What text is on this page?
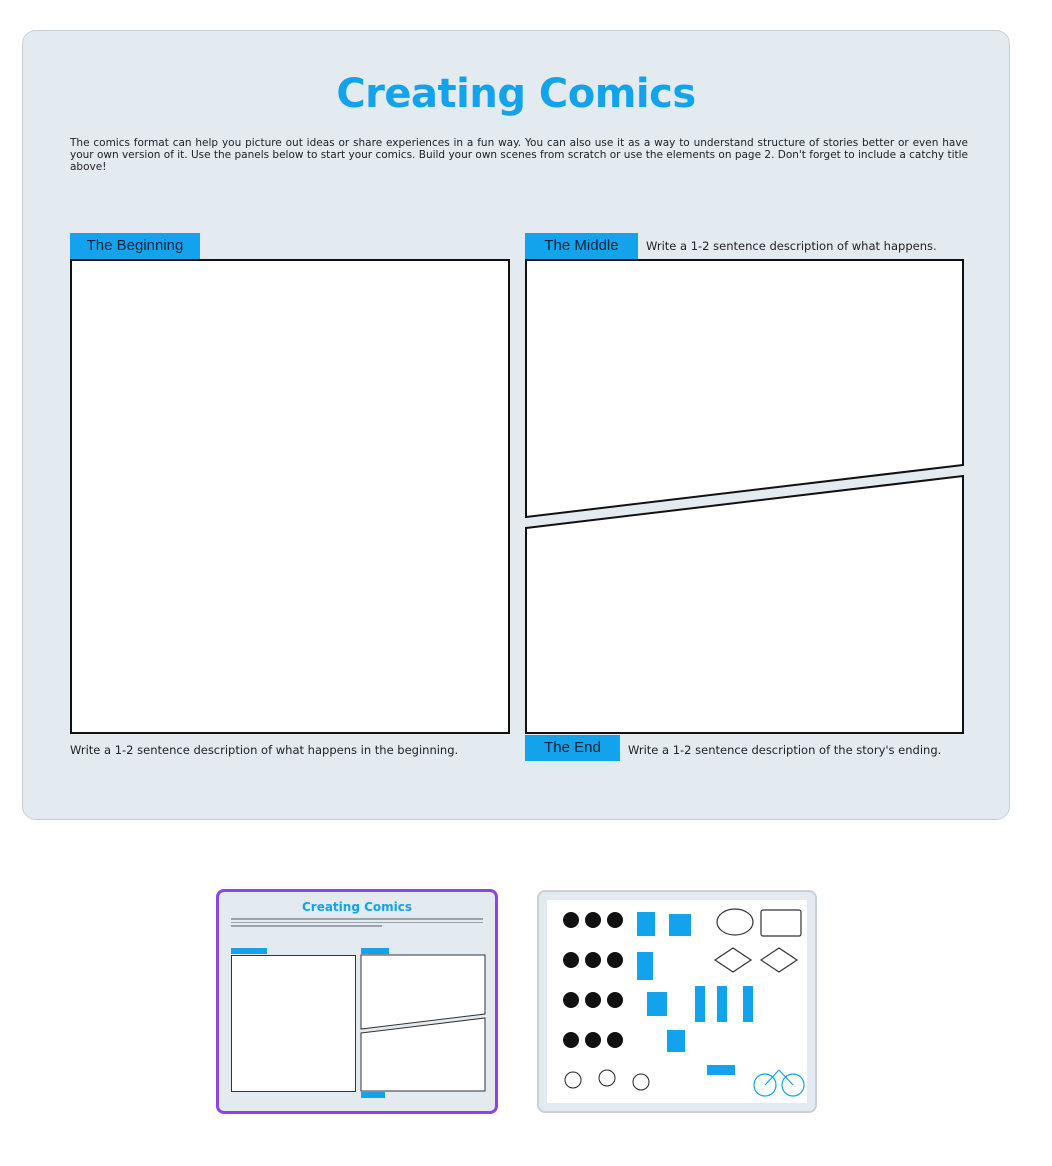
Creating Comics
The comics format can help you picture out ideas or share experiences in a fun way. You can also use it as a way to understand structure of stories better or even have your own version of it. Use the panels below to start your comics. Build your own scenes from scratch or use the elements on page 2. Don't forget to include a catchy title above!
The Beginning
Write a 1-2 sentence description of what happens in the beginning.
The Middle	Write a 1-2 sentence description of what happens.
The End	Write a 1-2 sentence description of the story's ending.
Creating Comics
